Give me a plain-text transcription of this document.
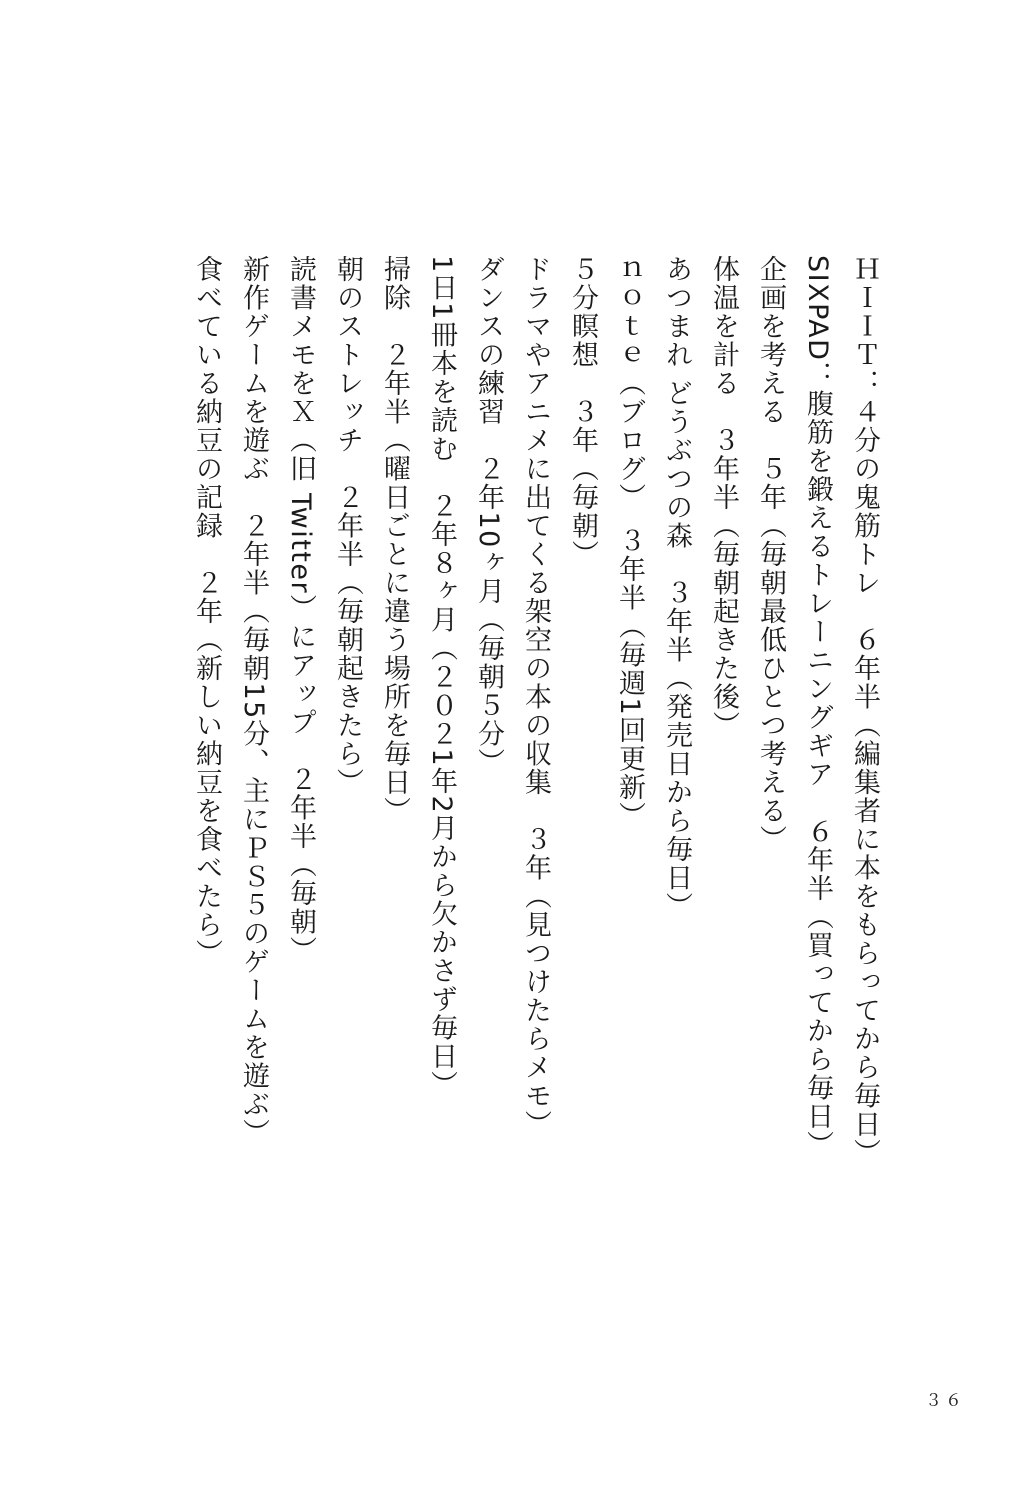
ＨＩＩＴ：４分の鬼筋トレ　６年半（編集者に本をもらってから毎日）
SIXPAD：腹筋を鍛えるトレーニングギア　６年半（買ってから毎日）
企画を考える　５年（毎朝最低ひとつ考える）
体温を計る　３年半（毎朝起きた後）
あつまれ どうぶつの森　３年半（発売日から毎日）
ｎｏｔｅ（ブログ）　３年半（毎週1回更新）
５分瞑想　３年（毎朝）
ドラマやアニメに出てくる架空の本の収集　３年（見つけたらメモ）
ダンスの練習　２年10ヶ月（毎朝５分）
1日1冊本を読む　２年８ヶ月（２０２1年2月から欠かさず毎日）
掃除　２年半（曜日ごとに違う場所を毎日）
朝のストレッチ　２年半（毎朝起きたら）
読書メモをＸ（旧 Twitter）にアップ　２年半（毎朝）
新作ゲームを遊ぶ　２年半（毎朝15分、主にＰＳ５のゲームを遊ぶ）
食べている納豆の記録　２年（新しい納豆を食べたら）
３６
